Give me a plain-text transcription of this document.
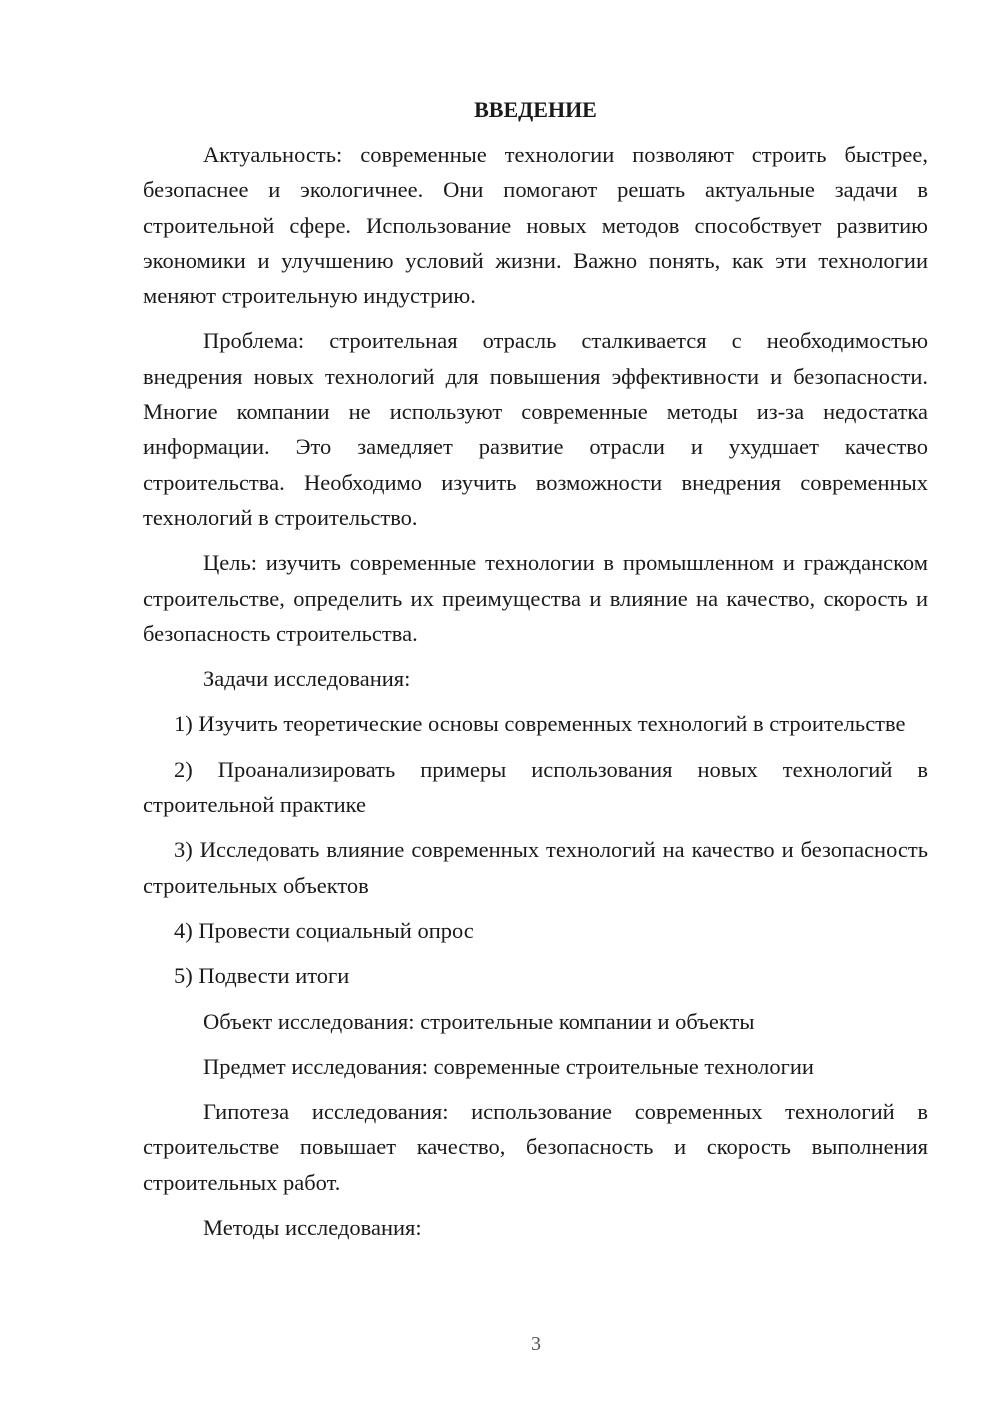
ВВЕДЕНИЕ

Актуальность: современные технологии позволяют строить быстрее, безопаснее и экологичнее. Они помогают решать актуальные задачи в строительной сфере. Использование новых методов способствует развитию экономики и улучшению условий жизни. Важно понять, как эти технологии меняют строительную индустрию.

Проблема: строительная отрасль сталкивается с необходимостью внедрения новых технологий для повышения эффективности и безопасности. Многие компании не используют современные методы из-за недостатка информации. Это замедляет развитие отрасли и ухудшает качество строительства. Необходимо изучить возможности внедрения современных технологий в строительство.

Цель: изучить современные технологии в промышленном и гражданском строительстве, определить их преимущества и влияние на качество, скорость и безопасность строительства.

Задачи исследования:

1) Изучить теоретические основы современных технологий в строительстве

2) Проанализировать примеры использования новых технологий в строительной практике

3) Исследовать влияние современных технологий на качество и безопасность строительных объектов

4) Провести социальный опрос

5) Подвести итоги

Объект исследования: строительные компании и объекты

Предмет исследования: современные строительные технологии

Гипотеза исследования: использование современных технологий в строительстве повышает качество, безопасность и скорость выполнения строительных работ.

Методы исследования:

3
